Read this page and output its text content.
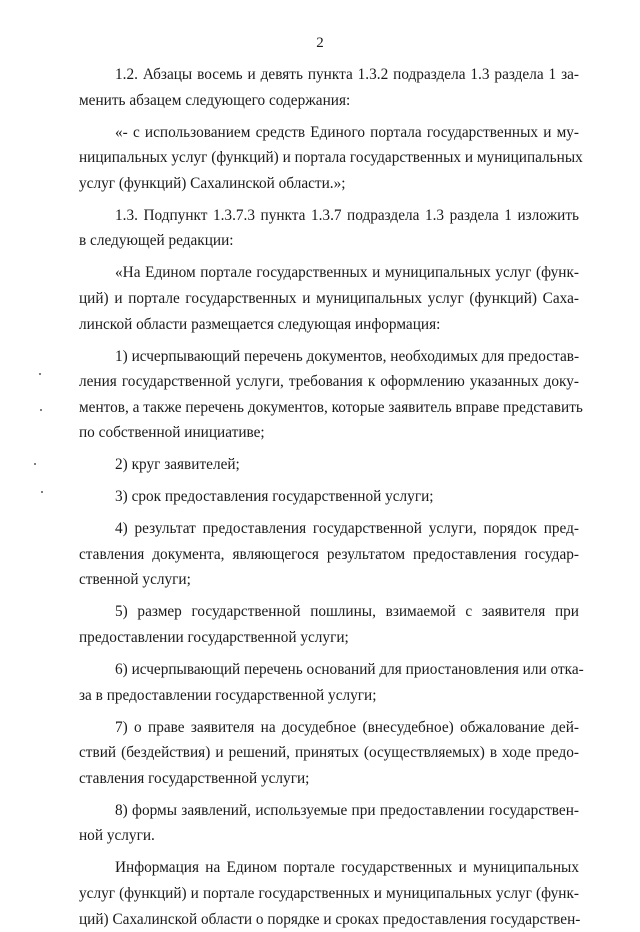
2
1.2. Абзацы восемь и девять пункта 1.3.2 подраздела 1.3 раздела 1 за-
менить абзацем следующего содержания:
«- с использованием средств Единого портала государственных и му-
ниципальных услуг (функций) и портала государственных и муниципальных
услуг (функций) Сахалинской области.»;
1.3. Подпункт 1.3.7.3 пункта 1.3.7 подраздела 1.3 раздела 1 изложить
в следующей редакции:
«На Едином портале государственных и муниципальных услуг (функ-
ций) и портале государственных и муниципальных услуг (функций) Саха-
линской области размещается следующая информация:
1) исчерпывающий перечень документов, необходимых для предостав-
ления государственной услуги, требования к оформлению указанных доку-
ментов, а также перечень документов, которые заявитель вправе представить
по собственной инициативе;
2) круг заявителей;
3) срок предоставления государственной услуги;
4) результат предоставления государственной услуги, порядок пред-
ставления документа, являющегося результатом предоставления государ-
ственной услуги;
5) размер государственной пошлины, взимаемой с заявителя при
предоставлении государственной услуги;
6) исчерпывающий перечень оснований для приостановления или отка-
за в предоставлении государственной услуги;
7) о праве заявителя на досудебное (внесудебное) обжалование дей-
ствий (бездействия) и решений, принятых (осуществляемых) в ходе предо-
ставления государственной услуги;
8) формы заявлений, используемые при предоставлении государствен-
ной услуги.
Информация на Едином портале государственных и муниципальных
услуг (функций) и портале государственных и муниципальных услуг (функ-
ций) Сахалинской области о порядке и сроках предоставления государствен-
